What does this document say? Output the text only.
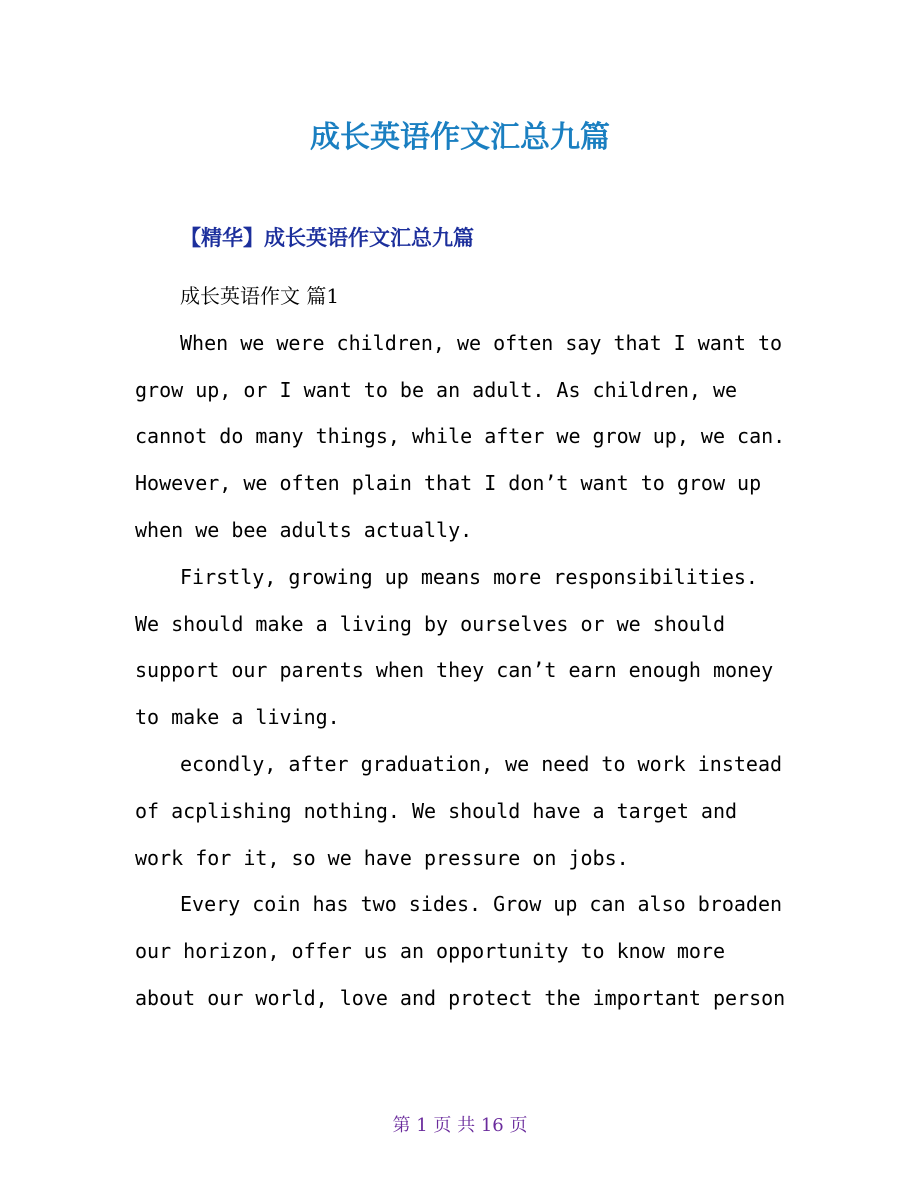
成长英语作文汇总九篇
【精华】成长英语作文汇总九篇
成长英语作文 篇1
When we were children, we often say that I want to
grow up, or I want to be an adult. As children, we
cannot do many things, while after we grow up, we can.
However, we often plain that I don’t want to grow up
when we bee adults actually.
Firstly, growing up means more responsibilities.
We should make a living by ourselves or we should
support our parents when they can’t earn enough money
to make a living.
econdly, after graduation, we need to work instead
of acplishing nothing. We should have a target and
work for it, so we have pressure on jobs.
Every coin has two sides. Grow up can also broaden
our horizon, offer us an opportunity to know more
about our world, love and protect the important person
第 1 页 共 16 页
